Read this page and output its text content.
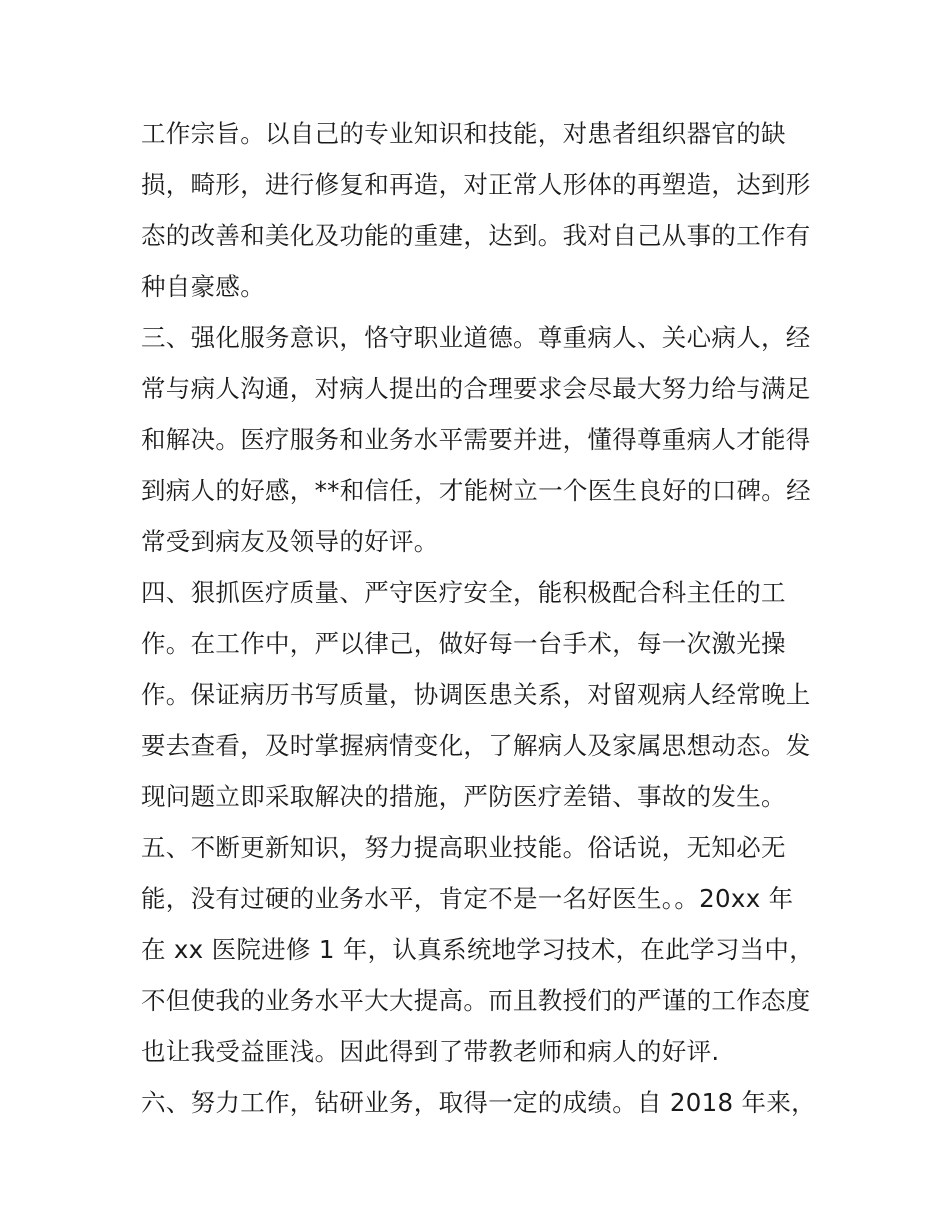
工作宗旨。以自己的专业知识和技能，对患者组织器官的缺
损，畸形，进行修复和再造，对正常人形体的再塑造，达到形
态的改善和美化及功能的重建，达到。我对自己从事的工作有
种自豪感。
三、强化服务意识，恪守职业道德。尊重病人、关心病人，经
常与病人沟通，对病人提出的合理要求会尽最大努力给与满足
和解决。医疗服务和业务水平需要并进，懂得尊重病人才能得
到病人的好感，**和信任，才能树立一个医生良好的口碑。经
常受到病友及领导的好评。
四、狠抓医疗质量、严守医疗安全，能积极配合科主任的工
作。在工作中，严以律己，做好每一台手术，每一次激光操
作。保证病历书写质量，协调医患关系，对留观病人经常晚上
要去查看，及时掌握病情变化，了解病人及家属思想动态。发
现问题立即采取解决的措施，严防医疗差错、事故的发生。
五、不断更新知识，努力提高职业技能。俗话说，无知必无
能，没有过硬的业务水平，肯定不是一名好医生。。20xx 年
在 xx 医院进修 1 年，认真系统地学习技术，在此学习当中，
不但使我的业务水平大大提高。而且教授们的严谨的工作态度
也让我受益匪浅。因此得到了带教老师和病人的好评.
六、努力工作，钻研业务，取得一定的成绩。自 2018 年来，
